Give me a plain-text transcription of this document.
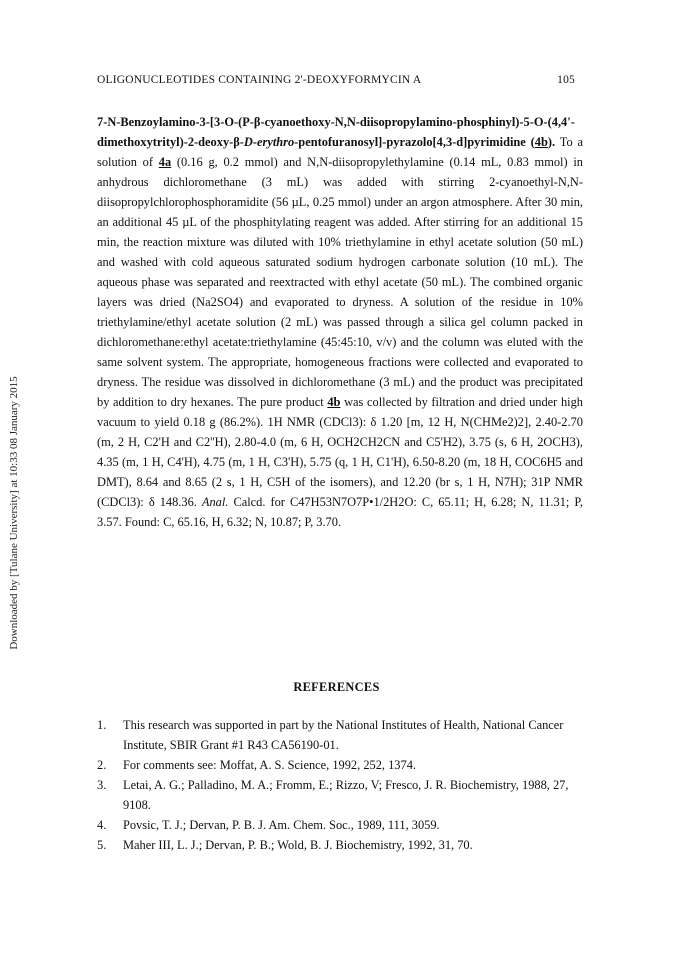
OLIGONUCLEOTIDES CONTAINING 2'-DEOXYFORMYCIN A	105
Downloaded by [Tulane University] at 10:33 08 January 2015

7-N-Benzoylamino-3-[3-O-(P-β-cyanoethoxy-N,N-diisopropylamino-phosphinyl)-5-O-(4,4'-dimethoxytrityl)-2-deoxy-β-D-erythro-pentofuranosyl]-pyrazolo[4,3-d]pyrimidine (4b). To a solution of 4a (0.16 g, 0.2 mmol) and N,N-diisopropylethylamine (0.14 mL, 0.83 mmol) in anhydrous dichloromethane (3 mL) was added with stirring 2-cyanoethyl-N,N-diisopropylchlorophosphoramidite (56 µL, 0.25 mmol) under an argon atmosphere. After 30 min, an additional 45 µL of the phosphitylating reagent was added. After stirring for an additional 15 min, the reaction mixture was diluted with 10% triethylamine in ethyl acetate solution (50 mL) and washed with cold aqueous saturated sodium hydrogen carbonate solution (10 mL). The aqueous phase was separated and reextracted with ethyl acetate (50 mL). The combined organic layers was dried (Na2SO4) and evaporated to dryness. A solution of the residue in 10% triethylamine/ethyl acetate solution (2 mL) was passed through a silica gel column packed in dichloromethane:ethyl acetate:triethylamine (45:45:10, v/v) and the column was eluted with the same solvent system. The appropriate, homogeneous fractions were collected and evaporated to dryness. The residue was dissolved in dichloromethane (3 mL) and the product was precipitated by addition to dry hexanes. The pure product 4b was collected by filtration and dried under high vacuum to yield 0.18 g (86.2%). 1H NMR (CDCl3): δ 1.20 [m, 12 H, N(CHMe2)2], 2.40-2.70 (m, 2 H, C2'H and C2''H), 2.80-4.0 (m, 6 H, OCH2CH2CN and C5'H2), 3.75 (s, 6 H, 2OCH3), 4.35 (m, 1 H, C4'H), 4.75 (m, 1 H, C3'H), 5.75 (q, 1 H, C1'H), 6.50-8.20 (m, 18 H, COC6H5 and DMT), 8.64 and 8.65 (2 s, 1 H, C5H of the isomers), and 12.20 (br s, 1 H, N7H); 31P NMR (CDCl3): δ 148.36. Anal. Calcd. for C47H53N7O7P•1/2H2O: C, 65.11; H, 6.28; N, 11.31; P, 3.57. Found: C, 65.16, H, 6.32; N, 10.87; P, 3.70.

REFERENCES
1. This research was supported in part by the National Institutes of Health, National Cancer Institute, SBIR Grant #1 R43 CA56190-01.
2. For comments see: Moffat, A. S. Science, 1992, 252, 1374.
3. Letai, A. G.; Palladino, M. A.; Fromm, E.; Rizzo, V; Fresco, J. R. Biochemistry, 1988, 27, 9108.
4. Povsic, T. J.; Dervan, P. B. J. Am. Chem. Soc., 1989, 111, 3059.
5. Maher III, L. J.; Dervan, P. B.; Wold, B. J. Biochemistry, 1992, 31, 70.
